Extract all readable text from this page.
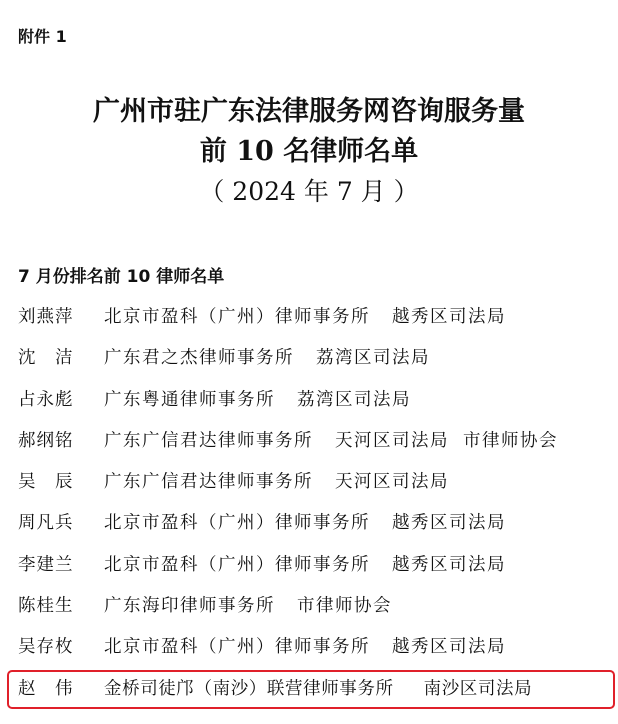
附件 1
广州市驻广东法律服务网咨询服务量
前 10 名律师名单
（ 2024 年 7 月 ）
7 月份排名前 10 律师名单
刘燕萍 北京市盈科（广州）律师事务所 越秀区司法局
沈　洁 广东君之杰律师事务所 荔湾区司法局
占永彪 广东粤通律师事务所 荔湾区司法局
郝纲铭 广东广信君达律师事务所 天河区司法局 市律师协会
吴　辰 广东广信君达律师事务所 天河区司法局
周凡兵 北京市盈科（广州）律师事务所 越秀区司法局
李建兰 北京市盈科（广州）律师事务所 越秀区司法局
陈桂生 广东海印律师事务所 市律师协会
吴存枚 北京市盈科（广州）律师事务所 越秀区司法局
赵　伟 金桥司徒邝（南沙）联营律师事务所 南沙区司法局
